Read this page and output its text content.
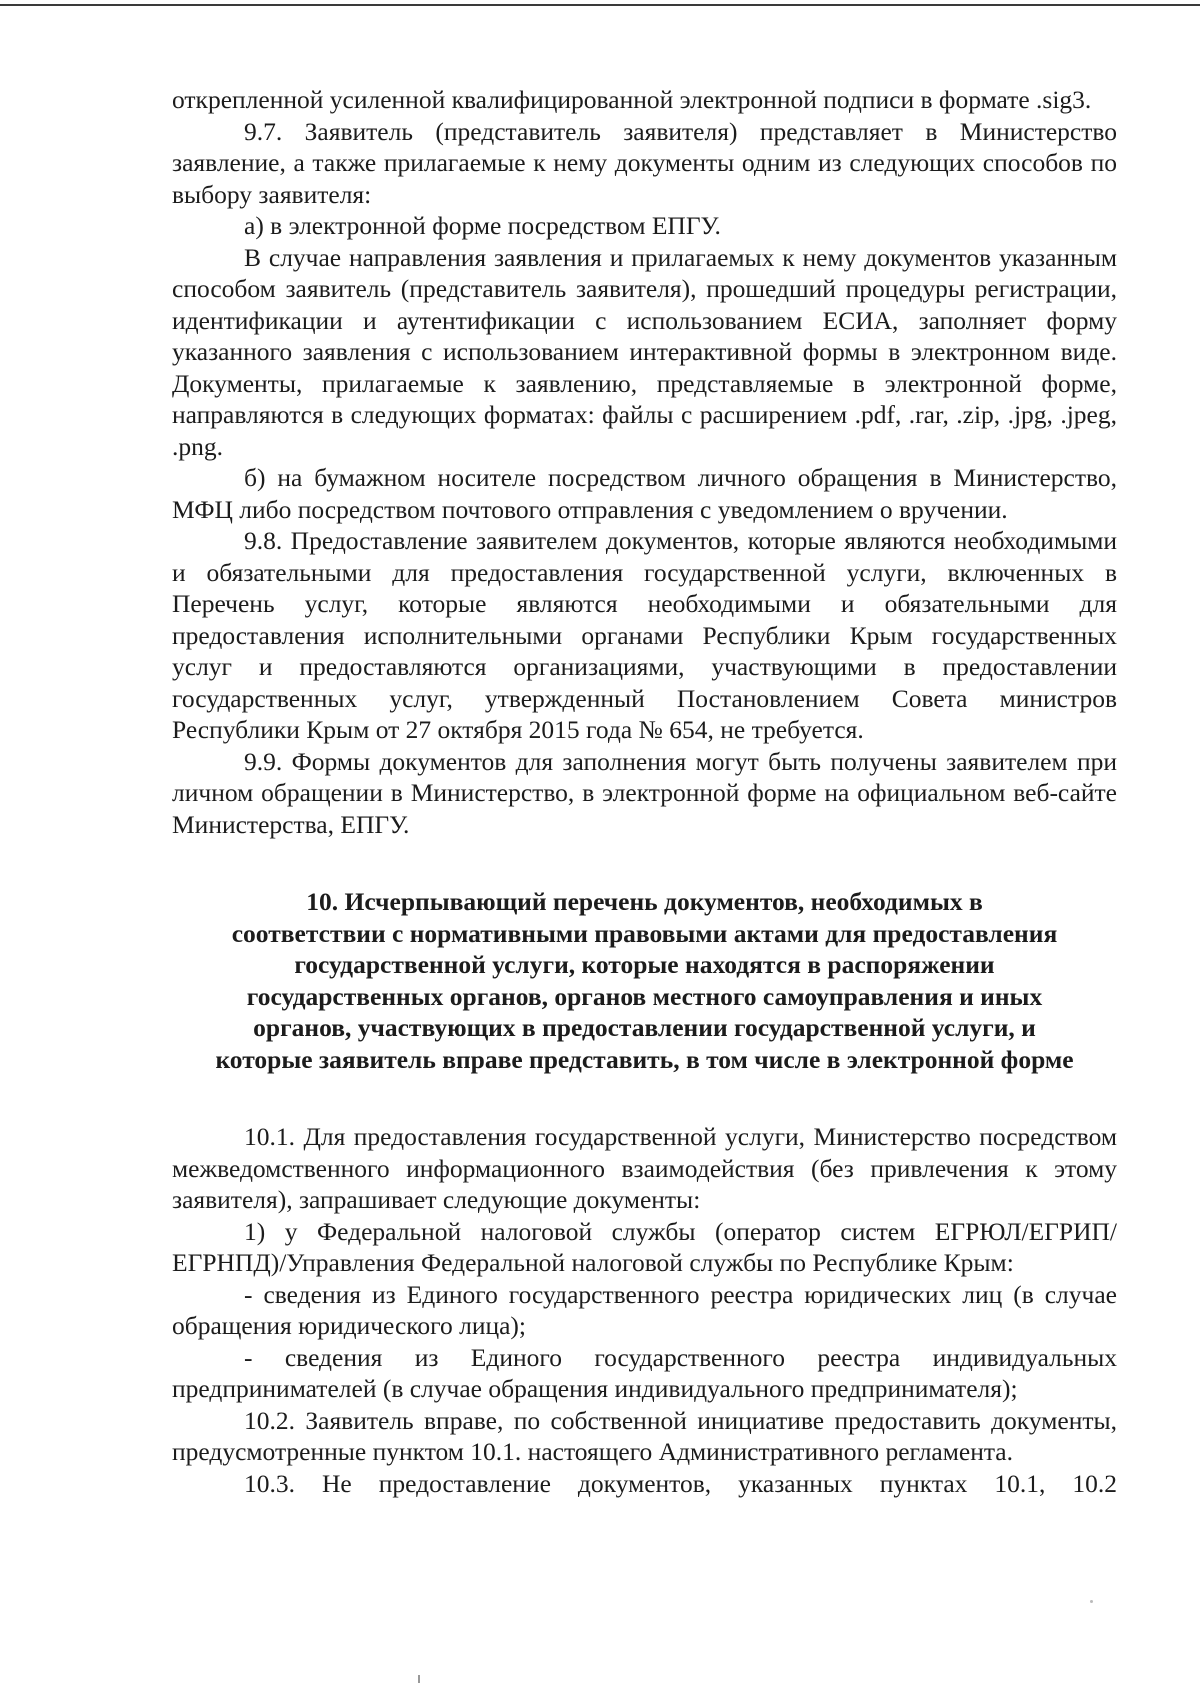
открепленной усиленной квалифицированной электронной подписи в формате .sig3.

9.7. Заявитель (представитель заявителя) представляет в Министерство заявление, а также прилагаемые к нему документы одним из следующих способов по выбору заявителя:

а) в электронной форме посредством ЕПГУ.

В случае направления заявления и прилагаемых к нему документов указанным способом заявитель (представитель заявителя), прошедший процедуры регистрации, идентификации и аутентификации с использованием ЕСИА, заполняет форму указанного заявления с использованием интерактивной формы в электронном виде. Документы, прилагаемые к заявлению, представляемые в электронной форме, направляются в следующих форматах: файлы с расширением .pdf, .rar, .zip, .jpg, .jpeg, .png.

б) на бумажном носителе посредством личного обращения в Министерство, МФЦ либо посредством почтового отправления с уведомлением о вручении.

9.8. Предоставление заявителем документов, которые являются необходимыми и обязательными для предоставления государственной услуги, включенных в Перечень услуг, которые являются необходимыми и обязательными для предоставления исполнительными органами Республики Крым государственных услуг и предоставляются организациями, участвующими в предоставлении государственных услуг, утвержденный Постановлением Совета министров Республики Крым от 27 октября 2015 года № 654, не требуется.

9.9. Формы документов для заполнения могут быть получены заявителем при личном обращении в Министерство, в электронной форме на официальном веб-сайте Министерства, ЕПГУ.

10. Исчерпывающий перечень документов, необходимых в
соответствии с нормативными правовыми актами для предоставления
государственной услуги, которые находятся в распоряжении
государственных органов, органов местного самоуправления и иных
органов, участвующих в предоставлении государственной услуги, и
которые заявитель вправе представить, в том числе в электронной форме

10.1. Для предоставления государственной услуги, Министерство посредством межведомственного информационного взаимодействия (без привлечения к этому заявителя), запрашивает следующие документы:

1) у Федеральной налоговой службы (оператор систем ЕГРЮЛ/ЕГРИП/ЕГРНПД)/Управления Федеральной налоговой службы по Республике Крым:

- сведения из Единого государственного реестра юридических лиц (в случае обращения юридического лица);

- сведения из Единого государственного реестра индивидуальных предпринимателей (в случае обращения индивидуального предпринимателя);

10.2. Заявитель вправе, по собственной инициативе предоставить документы, предусмотренные пунктом 10.1. настоящего Административного регламента.

10.3. Не предоставление документов, указанных пунктах 10.1, 10.2
